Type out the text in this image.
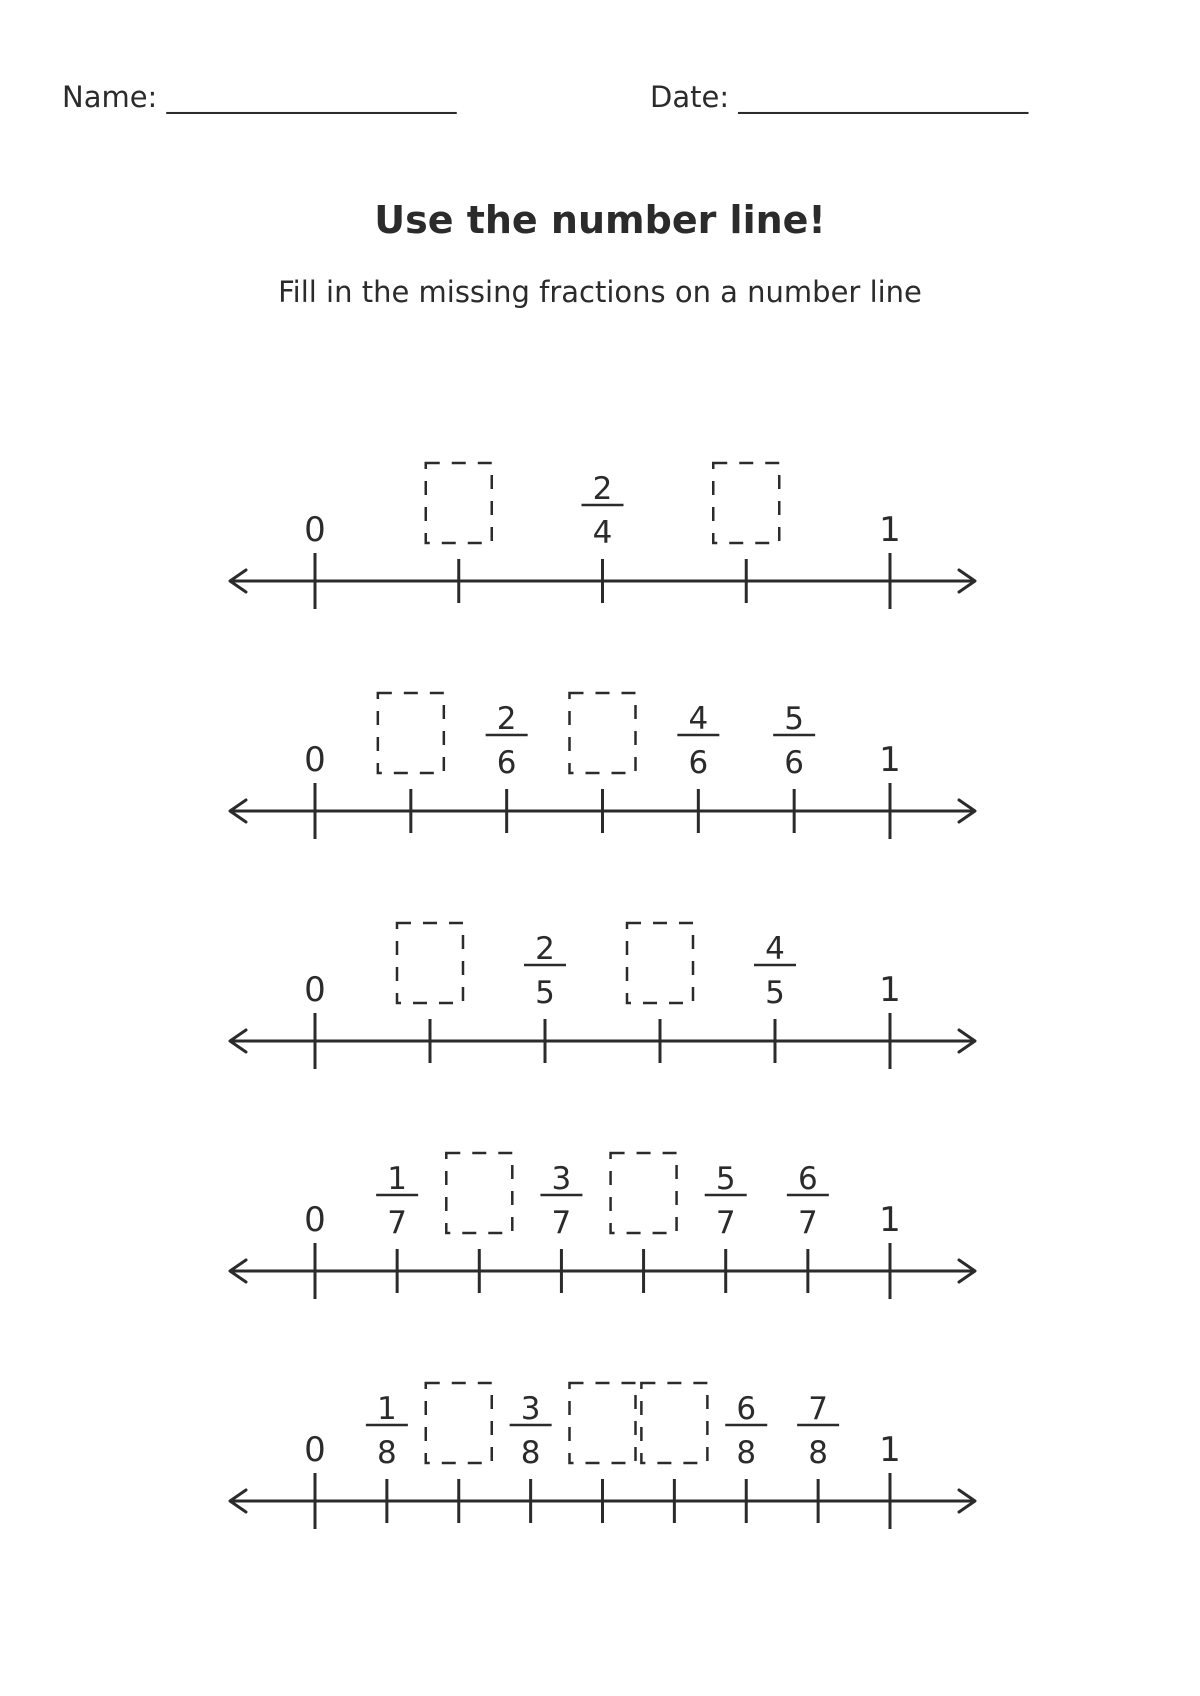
Name: ____________________	Date: ____________________
Use the number line!
Fill in the missing fractions on a number line
0	1
2
4
0	1
2
6
4
6
5
6
0	1
2
5
4
5
0	1
1
7
3
7
5
7
6
7
0	1
1
8
3
8
6
8
7
8
